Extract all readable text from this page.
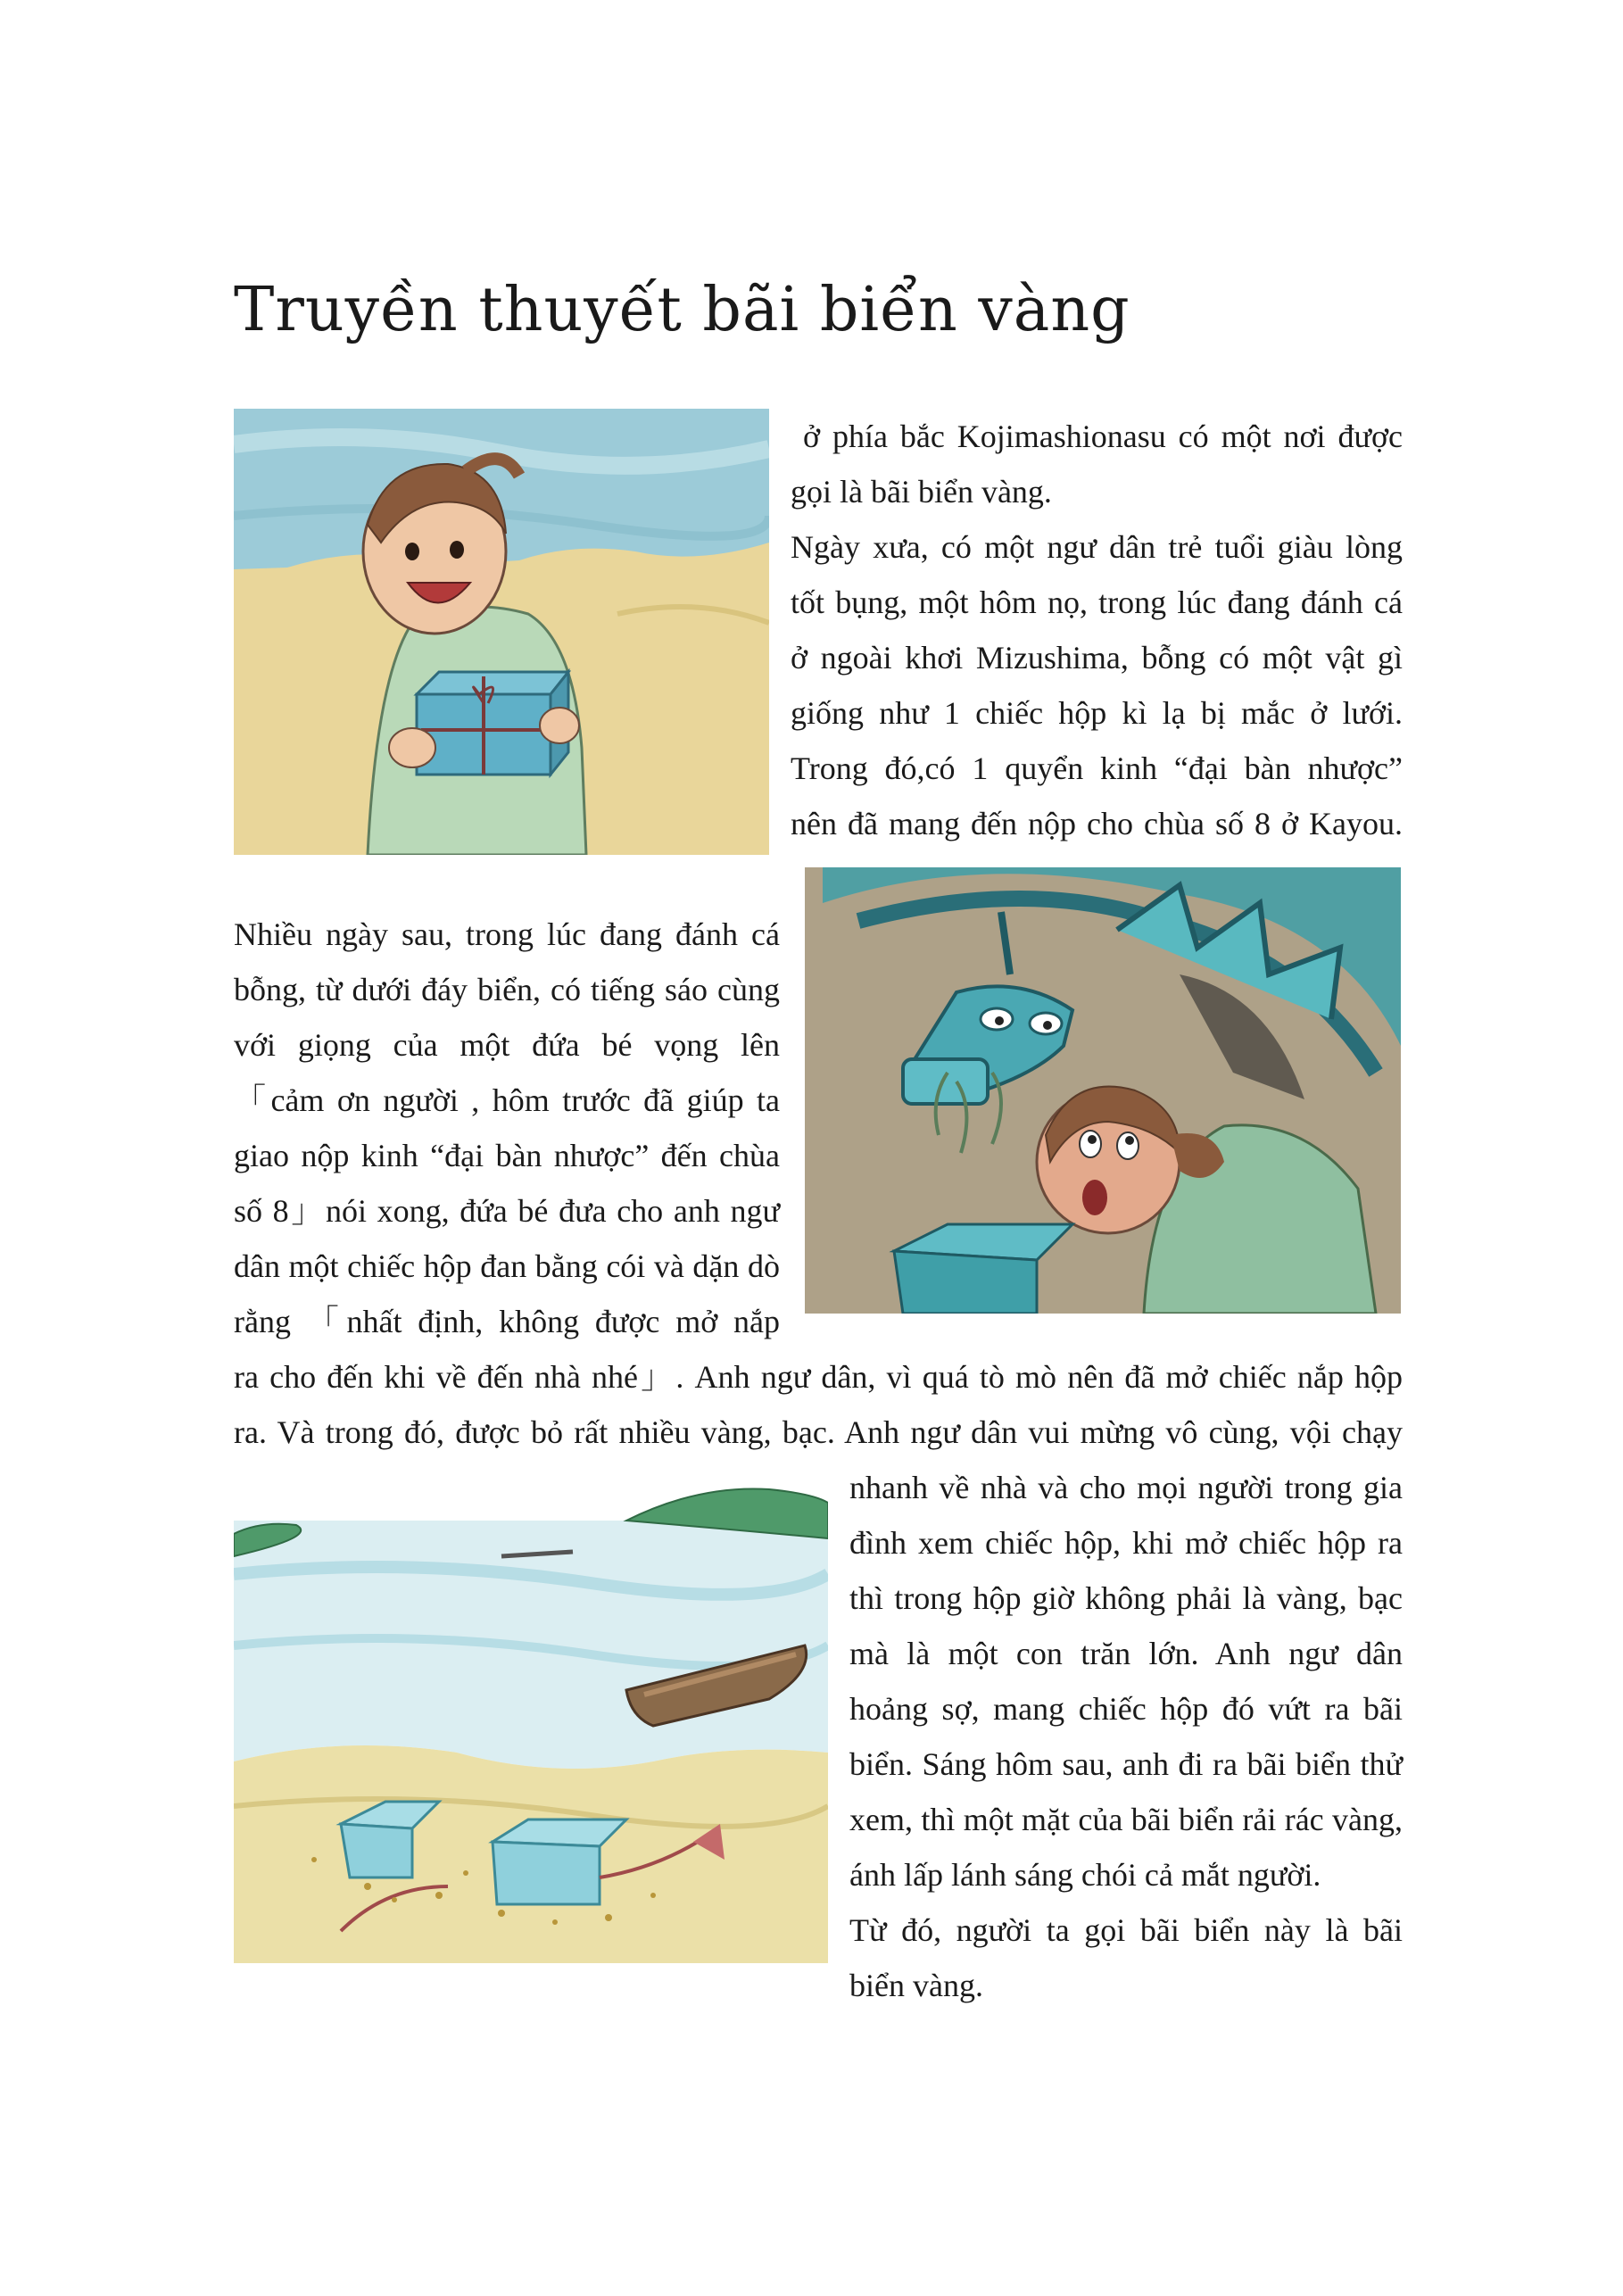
Truyền thuyết bãi biển vàng
ở phía bắc Kojimashionasu có một nơi được
gọi là bãi biển vàng.
Ngày xưa, có một ngư dân trẻ tuổi giàu lòng
tốt bụng, một hôm nọ, trong lúc đang đánh cá
ở ngoài khơi Mizushima, bỗng có một vật gì
giống như 1 chiếc hộp kì lạ bị mắc ở lưới.
Trong đó,có 1 quyển kinh “đại bàn nhược”
nên đã mang đến nộp cho chùa số 8 ở Kayou.
Nhiều ngày sau, trong lúc đang đánh cá
bỗng, từ dưới đáy biển, có tiếng sáo cùng
với giọng của một đứa bé vọng lên
「cảm ơn người , hôm trước đã giúp ta
giao nộp kinh “đại bàn nhược” đến chùa
số 8」nói xong, đứa bé đưa cho anh ngư
dân một chiếc hộp đan bằng cói và dặn dò
rằng 「nhất định, không được mở nắp
ra cho đến khi về đến nhà nhé」. Anh ngư dân, vì quá tò mò nên đã mở chiếc nắp hộp
ra. Và trong đó, được bỏ rất nhiều vàng, bạc. Anh ngư dân vui mừng vô cùng, vội chạy
nhanh về nhà và cho mọi người trong gia
đình xem chiếc hộp, khi mở chiếc hộp ra
thì trong hộp giờ không phải là vàng, bạc
mà là một con trăn lớn. Anh ngư dân
hoảng sợ, mang chiếc hộp đó vứt ra bãi
biển. Sáng hôm sau, anh đi ra bãi biển thử
xem, thì một mặt của bãi biển rải rác vàng,
ánh lấp lánh sáng chói cả mắt người.
Từ đó, người ta gọi bãi biển này là bãi
biển vàng.
